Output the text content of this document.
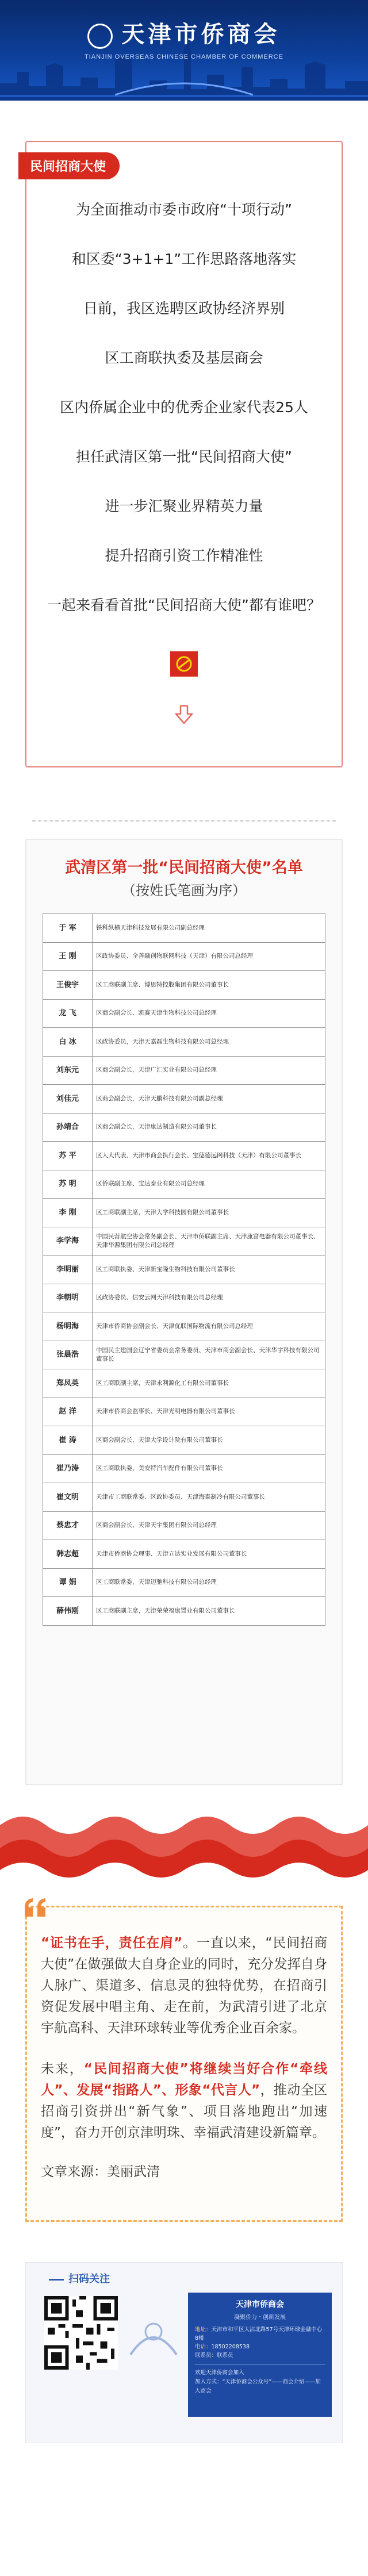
天津市侨商会
TIANJIN OVERSEAS CHINESE CHAMBER OF COMMERCE
民间招商大使
为全面推动市委市政府“十项行动”
和区委“3+1+1”工作思路落地落实
日前，我区选聘区政协经济界别
区工商联执委及基层商会
区内侨属企业中的优秀企业家代表25人
担任武清区第一批“民间招商大使”
进一步汇聚业界精英力量
提升招商引资工作精准性
一起来看看首批“民间招商大使”都有谁吧？
武清区第一批“民间招商大使”名单
（按姓氏笔画为序）
于 军	铁科纵横天津科技发展有限公司副总经理
王 刚	区政协委员、全善融创物联网科技（天津）有限公司总经理
王俊宇	区工商联副主席、博思特控股集团有限公司董事长
龙 飞	区商会副会长、凯赛天津生物科技公司总经理
白 冰	区政协委员，天津天嘉磊生物科技有限公司总经理
刘东元	区商会副会长，天津广汇实业有限公司总经理
刘佳元	区商会副会长，天津天鹏科技有限公司副总经理
孙靖合	区商会副会长，天津康达制造有限公司董事长
苏 平	区人大代表、天津市商会执行会长、宝德德远网科技（天津）有限公司董事长
苏 明	区侨联副主席、宝达泰业有限公司总经理
李 刚	区工商联副主席，天津大学科技园有限公司董事长
李学海	中国民营航空协会常务副会长、天津市侨联副主席、天津康富电器有限公司董事长、天津华源集团有限公司总经理
李明丽	区工商联执委、天津新宝隆生物科技有限公司董事长
李朝明	区政协委员、信安云网天津科技有限公司总经理
杨明海	天津市侨商协会副会长、天津优联国际物流有限公司总经理
张晨浩	中国民主建国会辽宁省委员会常务委员、天津市商会副会长、天津华宇科技有限公司董事长
郑凤英	区工商联副主席，天津永利源化工有限公司董事长
赵 洋	天津市侨商会监事长、天津光明电器有限公司董事长
崔 涛	区商会副会长，天津大学设计院有限公司董事长
崔乃涛	区工商联执委，美安特汽车配件有限公司董事长
崔文明	天津市工商联常委、区政协委员、天津海泰制冷有限公司董事长
蔡忠才	区商会副会长，天津天宇集团有限公司总经理
韩志超	天津市侨商协会理事、天津立达实业发展有限公司董事长
谭 娟	区工商联常委，天津迈驰科技有限公司总经理
薛伟刚	区工商联副主席，天津荣荣福康置业有限公司董事长

“证书在手，责任在肩”。一直以来，“民间招商大使”在做强做大自身企业的同时，充分发挥自身人脉广、渠道多、信息灵的独特优势，在招商引资促发展中唱主角、走在前，为武清引进了北京宇航高科、天津环球转业等优秀企业百余家。

未来，“民间招商大使”将继续当好合作“牵线人”、发展“指路人”、形象“代言人”，推动全区招商引资拼出“新气象”、项目落地跑出“加速度”，奋力开创京津明珠、幸福武清建设新篇章。

文章来源：美丽武清
扫码关注
天津市侨商会
凝聚侨力・创新发展
地址：天津市和平区大沽北路57号天津环球金融中心8楼
电话：18502208538
联系员：联系员
欢迎天津侨商会加入
加入方式：“天津侨商会公众号”——商会介绍——加入商会
